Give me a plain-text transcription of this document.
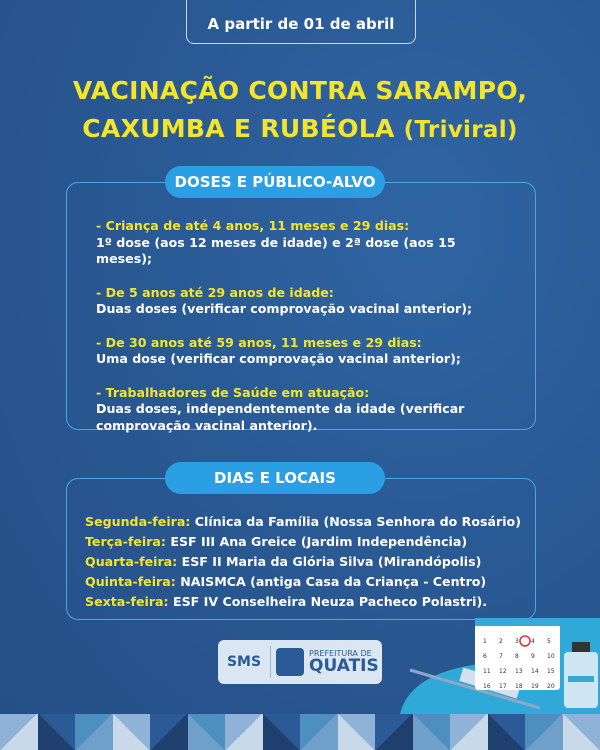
A partir de 01 de abril
VACINAÇÃO CONTRA SARAMPO,
CAXUMBA E RUBÉOLA (Triviral)
DOSES E PÚBLICO-ALVO
- Criança de até 4 anos, 11 meses e 29 dias:
1º dose (aos 12 meses de idade) e 2ª dose (aos 15 meses);
- De 5 anos até 29 anos de idade:
Duas doses (verificar comprovação vacinal anterior);
- De 30 anos até 59 anos, 11 meses e 29 dias:
Uma dose (verificar comprovação vacinal anterior);
- Trabalhadores de Saúde em atuação:
Duas doses, independentemente da idade (verificar comprovação vacinal anterior).
DIAS E LOCAIS
Segunda-feira: Clínica da Família (Nossa Senhora do Rosário)
Terça-feira: ESF III Ana Greice (Jardim Independência)
Quarta-feira: ESF II Maria da Glória Silva (Mirandópolis)
Quinta-feira: NAISMCA (antiga Casa da Criança - Centro)
Sexta-feira: ESF IV Conselheira Neuza Pacheco Polastri).
SMS
PREFEITURA DE
QUATIS
1 2 3 4 5
6 7 8 9 10
11 12 13 14 15
16 17 18 19 20
